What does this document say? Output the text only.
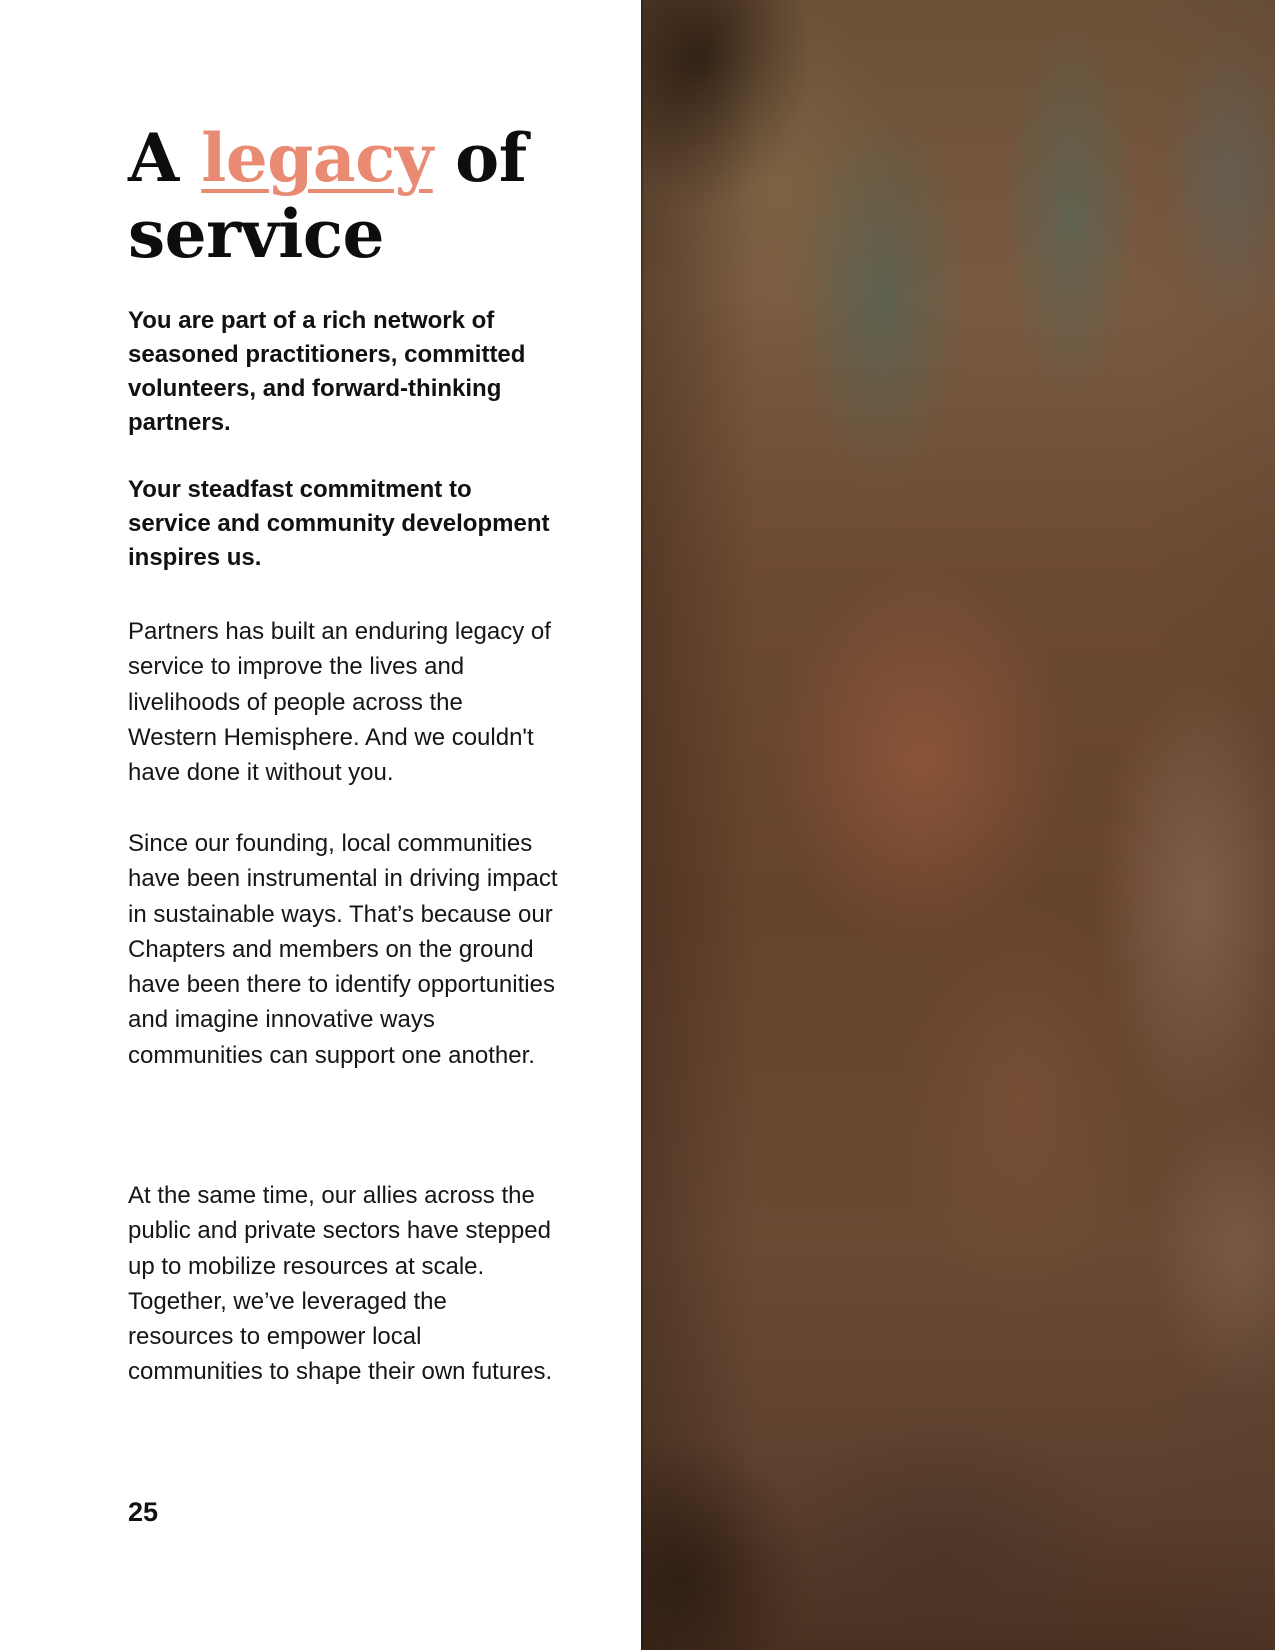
A legacy of service

You are part of a rich network of seasoned practitioners, committed volunteers, and forward-thinking partners.

Your steadfast commitment to service and community development inspires us.

Partners has built an enduring legacy of service to improve the lives and livelihoods of people across the Western Hemisphere. And we couldn't have done it without you.

Since our founding, local communities have been instrumental in driving impact in sustainable ways. That’s because our Chapters and members on the ground have been there to identify opportunities and imagine innovative ways communities can support one another.

At the same time, our allies across the public and private sectors have stepped up to mobilize resources at scale. Together, we’ve leveraged the resources to empower local communities to shape their own futures.

25
